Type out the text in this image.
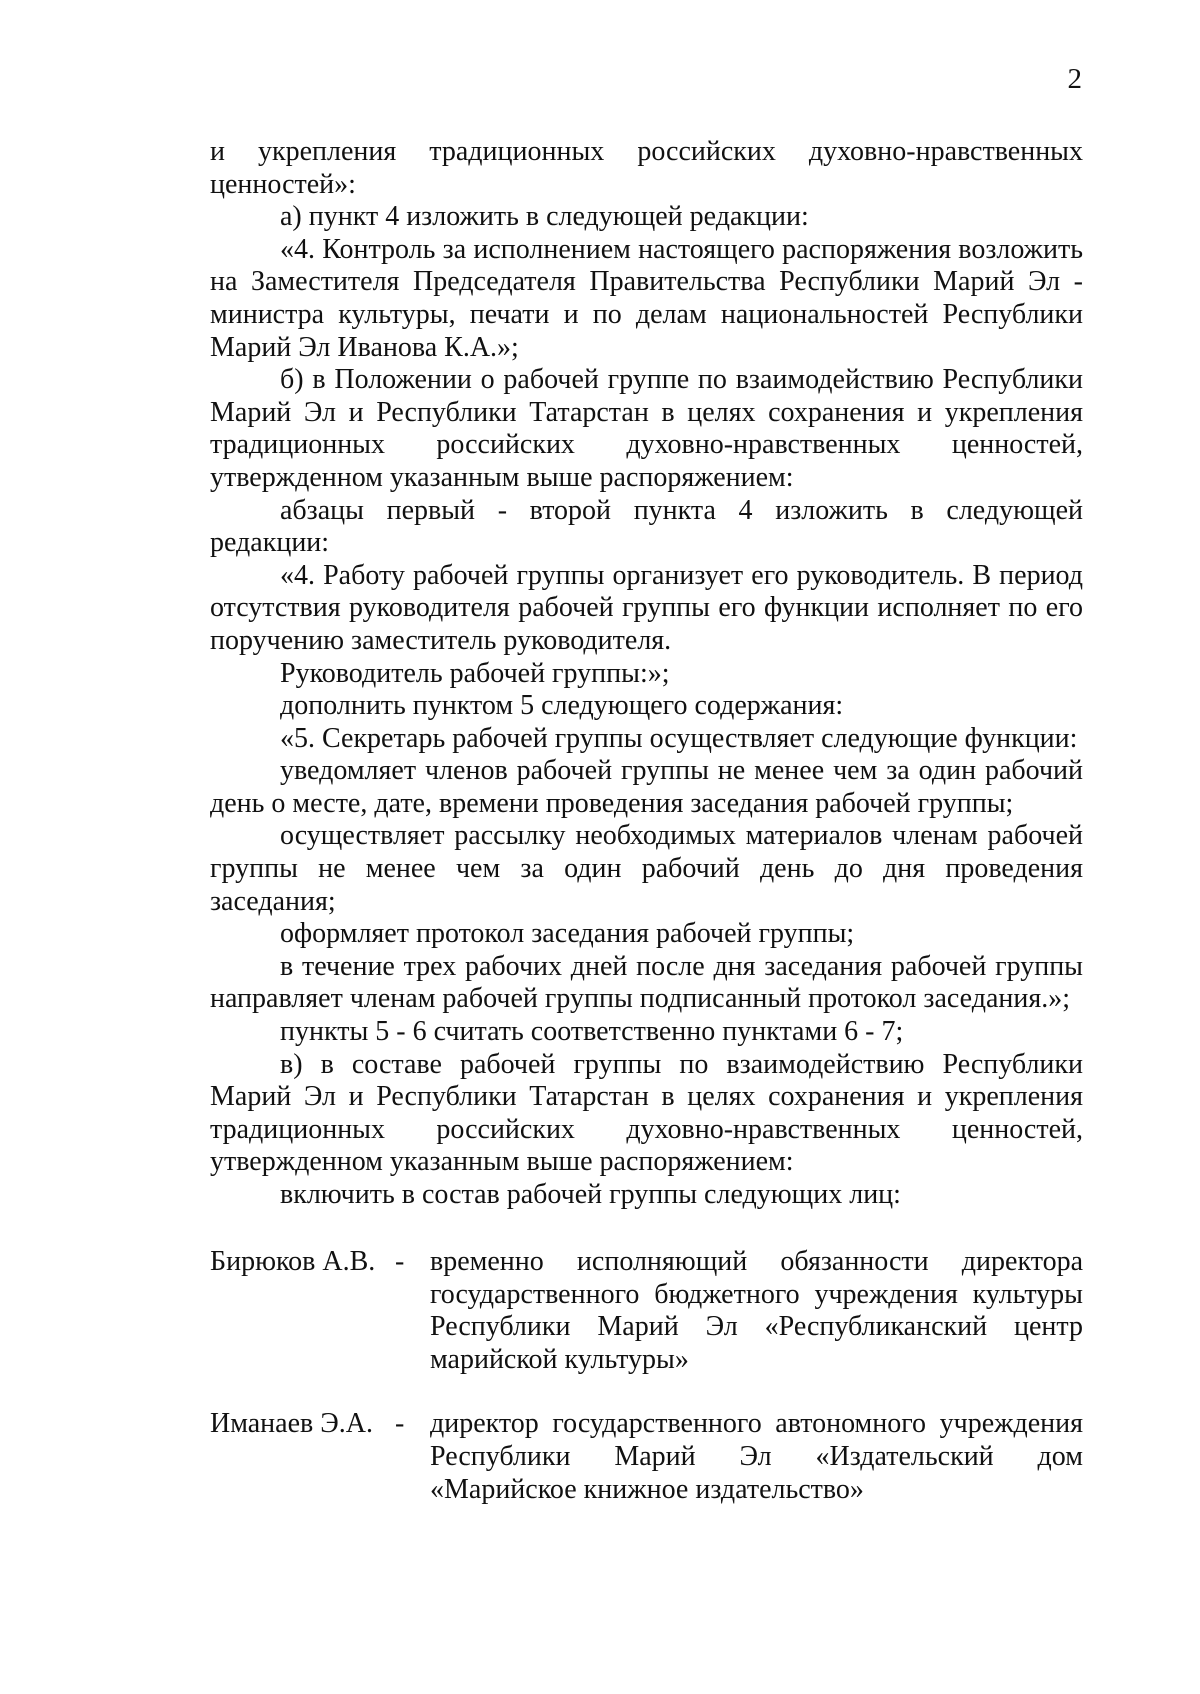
2

и укрепления традиционных российских духовно-нравственных ценностей»:

а) пункт 4 изложить в следующей редакции:

«4. Контроль за исполнением настоящего распоряжения возложить на Заместителя Председателя Правительства Республики Марий Эл - министра культуры, печати и по делам национальностей Республики Марий Эл Иванова К.А.»;

б) в Положении о рабочей группе по взаимодействию Республики Марий Эл и Республики Татарстан в целях сохранения и укрепления традиционных российских духовно-нравственных ценностей, утвержденном указанным выше распоряжением:

абзацы первый - второй пункта 4 изложить в следующей редакции:

«4. Работу рабочей группы организует его руководитель. В период отсутствия руководителя рабочей группы его функции исполняет по его поручению заместитель руководителя.

Руководитель рабочей группы:»;

дополнить пунктом 5 следующего содержания:

«5. Секретарь рабочей группы осуществляет следующие функции:

уведомляет членов рабочей группы не менее чем за один рабочий день о месте, дате, времени проведения заседания рабочей группы;

осуществляет рассылку необходимых материалов членам рабочей группы не менее чем за один рабочий день до дня проведения заседания;

оформляет протокол заседания рабочей группы;

в течение трех рабочих дней после дня заседания рабочей группы направляет членам рабочей группы подписанный протокол заседания.»;

пункты 5 - 6 считать соответственно пунктами 6 - 7;

в) в составе рабочей группы по взаимодействию Республики Марий Эл и Республики Татарстан в целях сохранения и укрепления традиционных российских духовно-нравственных ценностей, утвержденном указанным выше распоряжением:

включить в состав рабочей группы следующих лиц:

Бирюков А.В. - временно исполняющий обязанности директора государственного бюджетного учреждения культуры Республики Марий Эл «Республиканский центр марийской культуры»
Иманаев Э.А. - директор государственного автономного учреждения Республики Марий Эл «Издательский дом «Марийское книжное издательство»
